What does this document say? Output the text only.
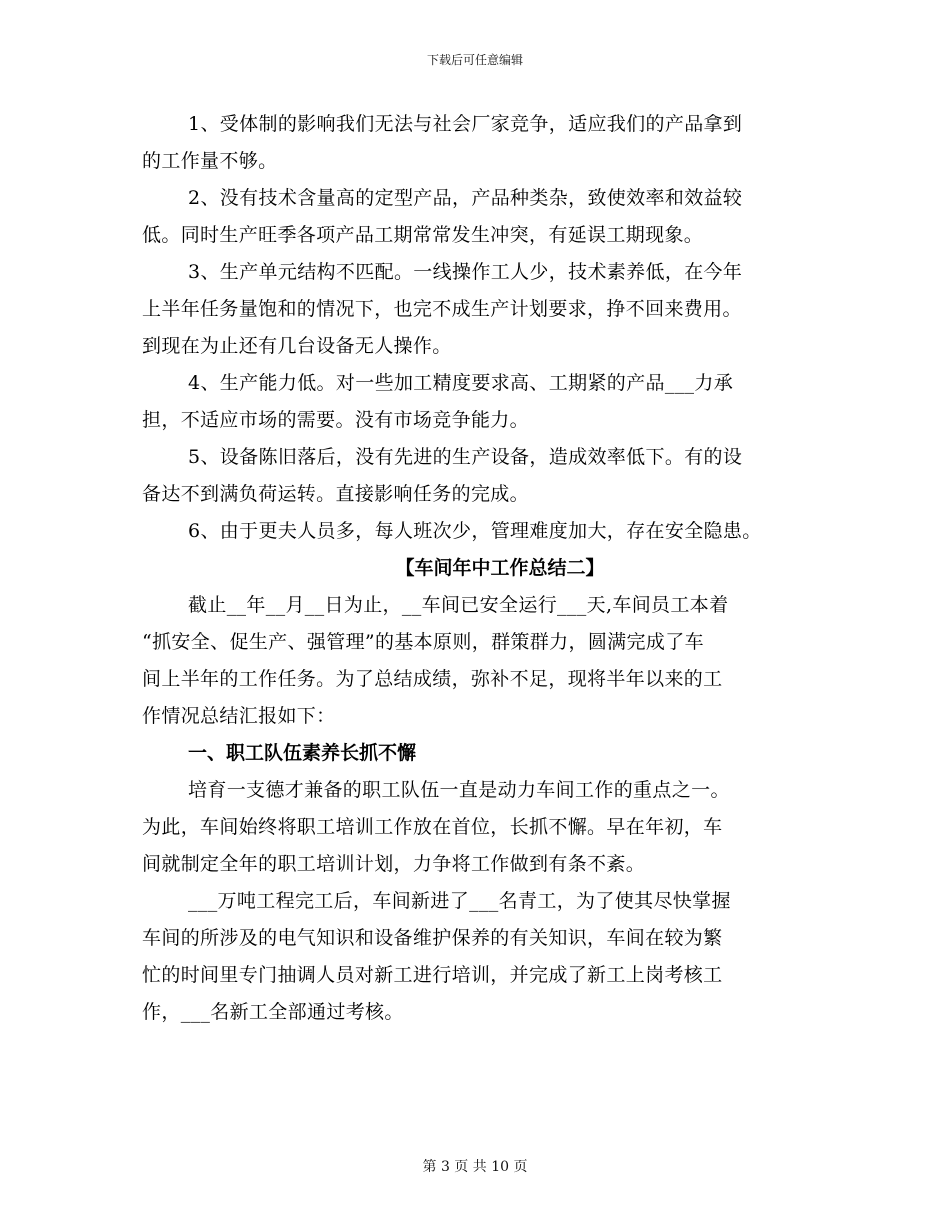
下载后可任意编辑
1、受体制的影响我们无法与社会厂家竞争，适应我们的产品拿到
的工作量不够。
2、没有技术含量高的定型产品，产品种类杂，致使效率和效益较
低。同时生产旺季各项产品工期常常发生冲突，有延误工期现象。
3、生产单元结构不匹配。一线操作工人少，技术素养低，在今年
上半年任务量饱和的情况下，也完不成生产计划要求，挣不回来费用。
到现在为止还有几台设备无人操作。
4、生产能力低。对一些加工精度要求高、工期紧的产品___力承
担，不适应市场的需要。没有市场竞争能力。
5、设备陈旧落后，没有先进的生产设备，造成效率低下。有的设
备达不到满负荷运转。直接影响任务的完成。
6、由于更夫人员多，每人班次少，管理难度加大，存在安全隐患。
【车间年中工作总结二】
截止__年__月__日为止，__车间已安全运行___天,车间员工本着
“抓安全、促生产、强管理”的基本原则，群策群力，圆满完成了车
间上半年的工作任务。为了总结成绩，弥补不足，现将半年以来的工
作情况总结汇报如下：
一、职工队伍素养长抓不懈
培育一支德才兼备的职工队伍一直是动力车间工作的重点之一。
为此，车间始终将职工培训工作放在首位，长抓不懈。早在年初，车
间就制定全年的职工培训计划，力争将工作做到有条不紊。
___万吨工程完工后，车间新进了___名青工，为了使其尽快掌握
车间的所涉及的电气知识和设备维护保养的有关知识，车间在较为繁
忙的时间里专门抽调人员对新工进行培训，并完成了新工上岗考核工
作，___名新工全部通过考核。
第 3 页 共 10 页
